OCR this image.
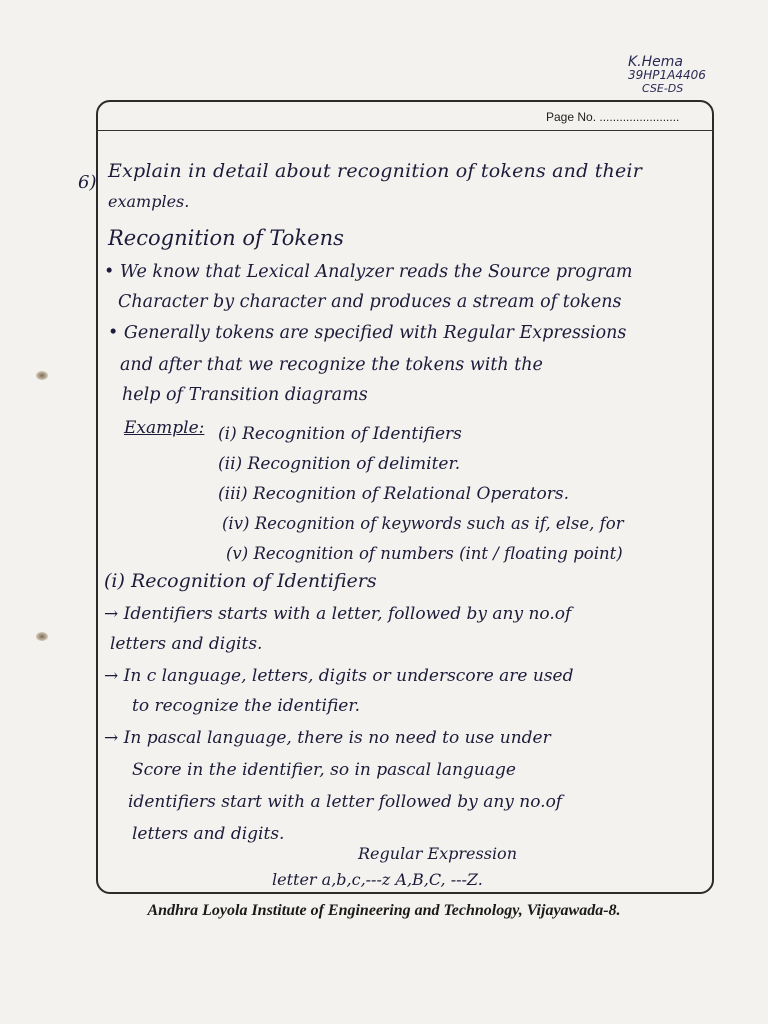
K.Hema
39HP1A4406
CSE-DS
Page No. ........................
6)
Explain in detail about recognition of tokens and their
examples.
Recognition of Tokens
• We know that Lexical Analyzer reads the Source program
Character by character and produces a stream of tokens
• Generally tokens are specified with Regular Expressions
and after that we recognize the tokens with the
help of Transition diagrams
Example: (i) Recognition of Identifiers
(ii) Recognition of delimiter.
(iii) Recognition of Relational Operators.
(iv) Recognition of keywords such as if, else, for
(v) Recognition of numbers (int / floating point)
(i) Recognition of Identifiers
→ Identifiers starts with a letter, followed by any no.of
letters and digits.
→ In c language, letters, digits or underscore are used
to recognize the identifier.
→ In pascal language, there is no need to use under
Score in the identifier, so in pascal language
identifiers start with a letter followed by any no.of
letters and digits.
Regular Expression
letter a,b,c,---z A,B,C, ---Z.
Andhra Loyola Institute of Engineering and Technology, Vijayawada-8.
